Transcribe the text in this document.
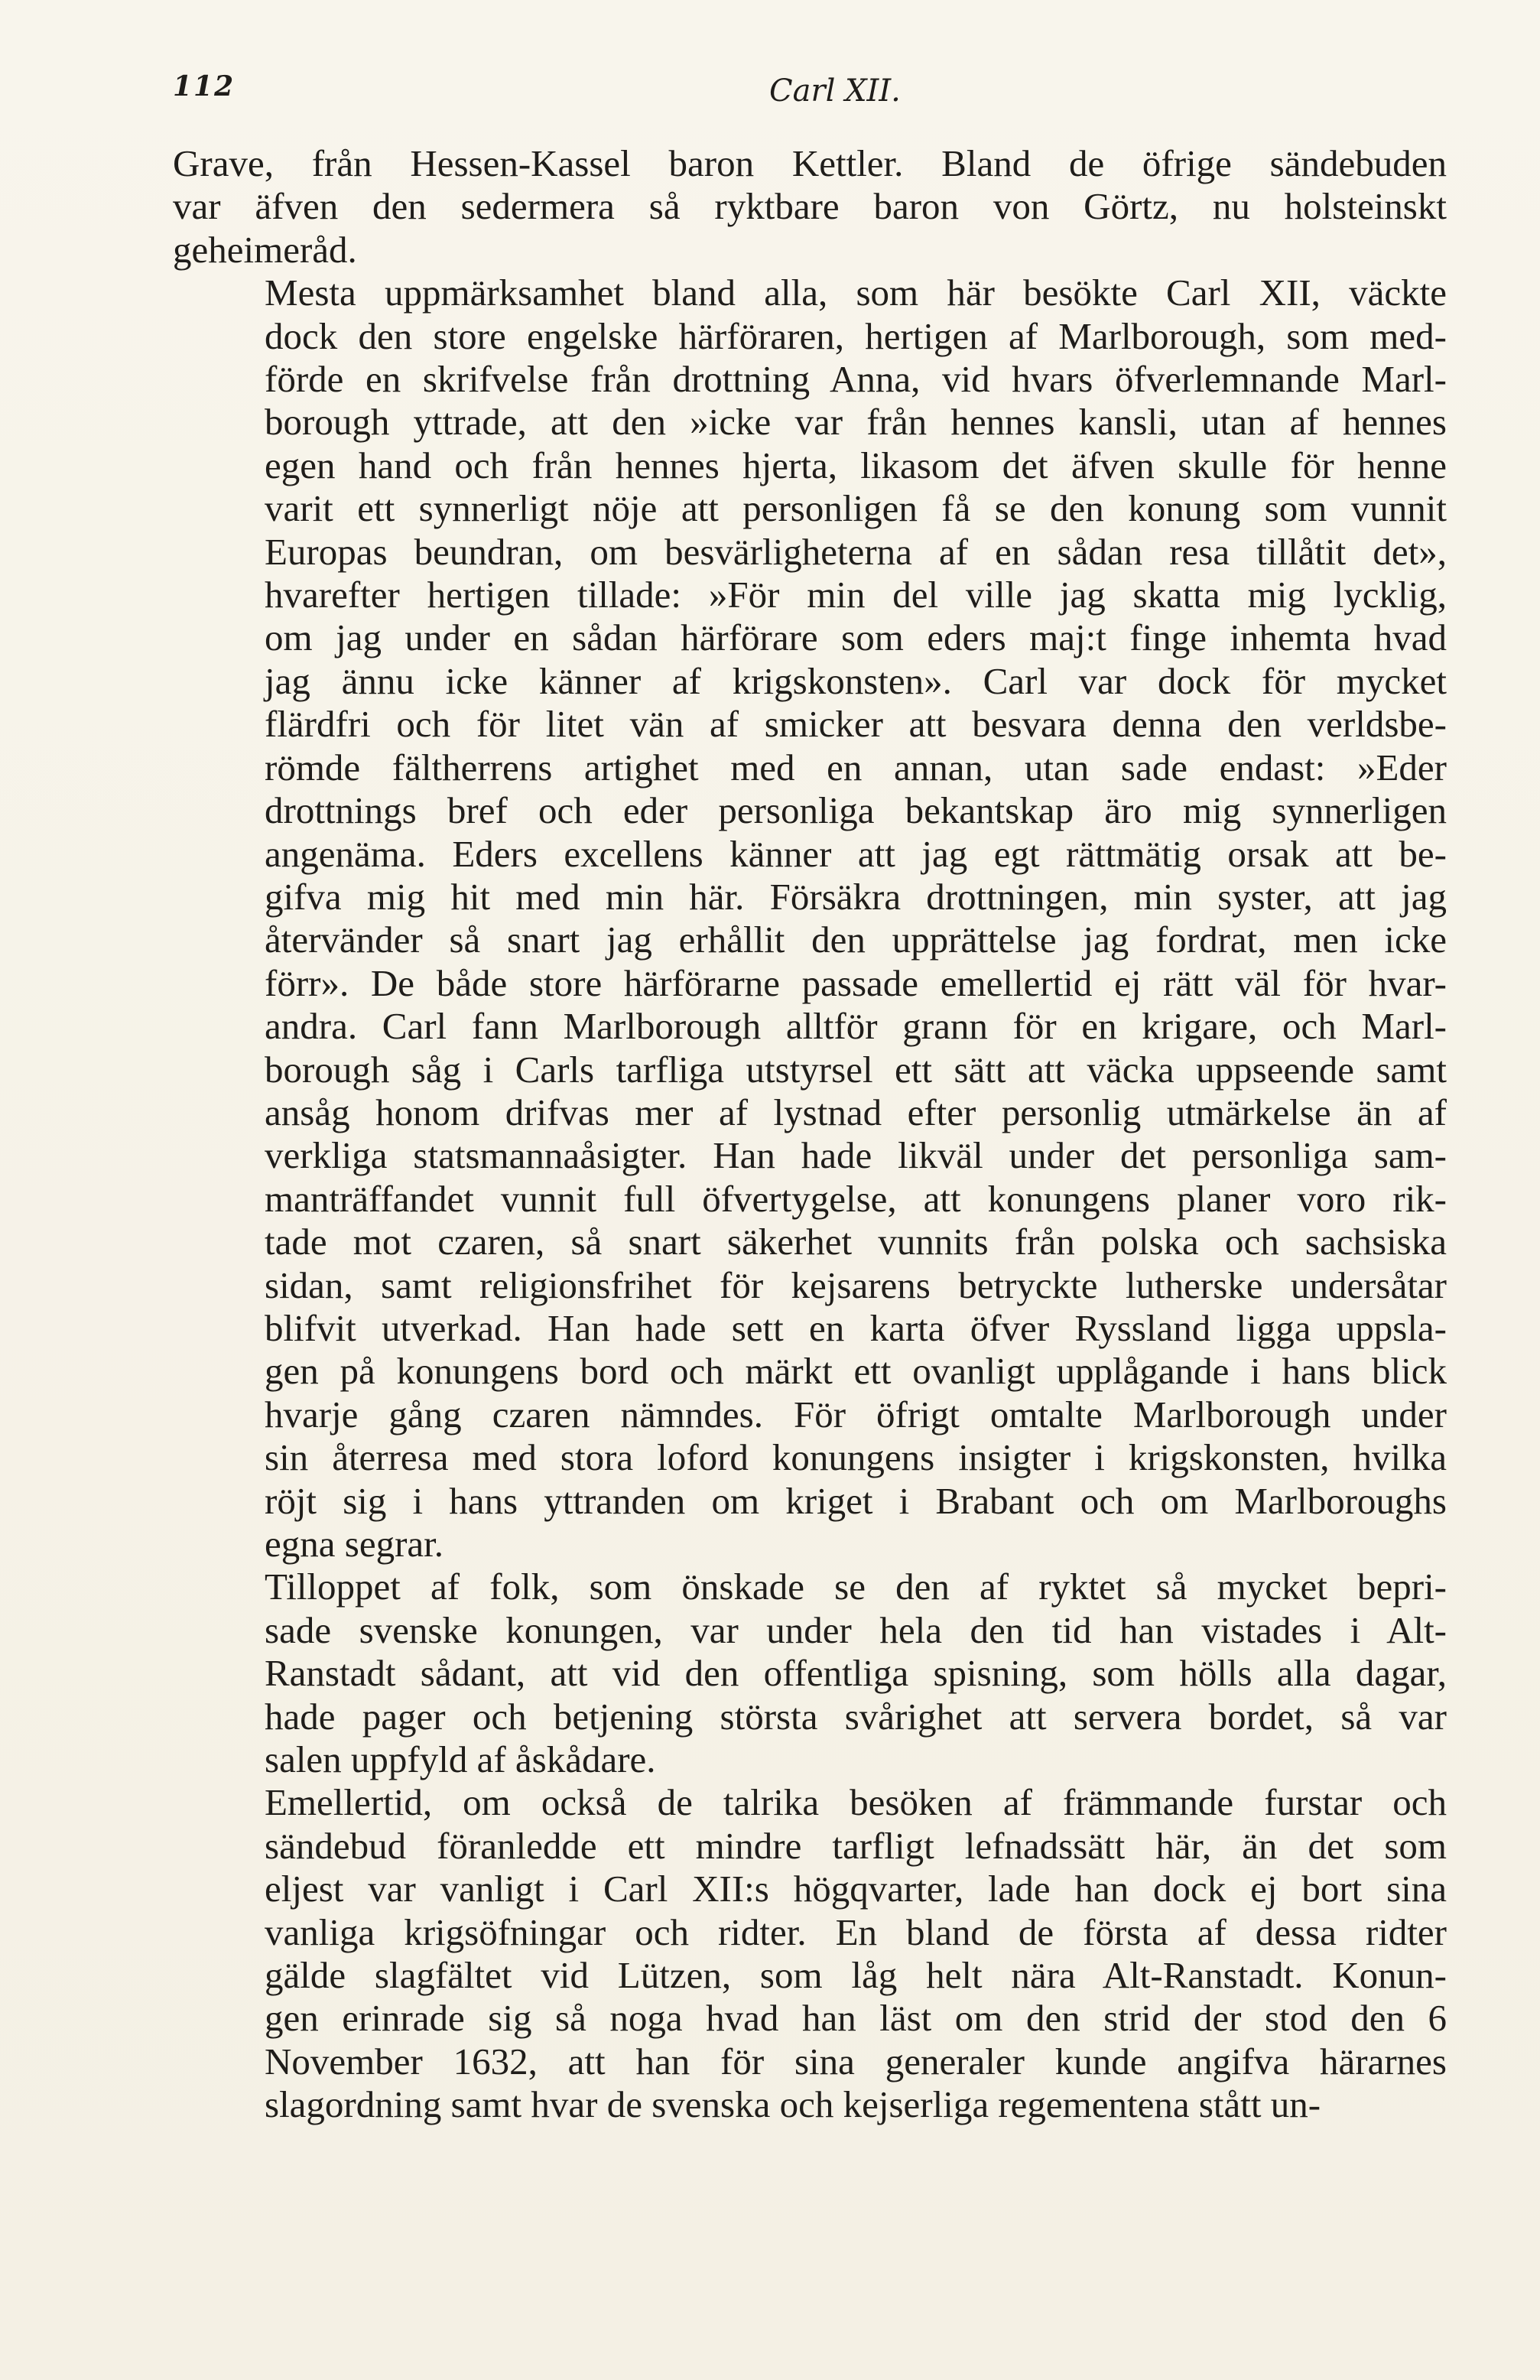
112	Carl XII.

Grave, från Hessen-Kassel baron Kettler. Bland de öfrige sändebuden
var äfven den sedermera så ryktbare baron von Görtz, nu holsteinskt
geheimeråd.

Mesta uppmärksamhet bland alla, som här besökte Carl XII, väckte
dock den store engelske härföraren, hertigen af Marlborough, som med-
förde en skrifvelse från drottning Anna, vid hvars öfverlemnande Marl-
borough yttrade, att den »icke var från hennes kansli, utan af hennes
egen hand och från hennes hjerta, likasom det äfven skulle för henne
varit ett synnerligt nöje att personligen få se den konung som vunnit
Europas beundran, om besvärligheterna af en sådan resa tillåtit det»,
hvarefter hertigen tillade: »För min del ville jag skatta mig lycklig,
om jag under en sådan härförare som eders maj:t finge inhemta hvad
jag ännu icke känner af krigskonsten». Carl var dock för mycket
flärdfri och för litet vän af smicker att besvara denna den verldsbe-
römde fältherrens artighet med en annan, utan sade endast: »Eder
drottnings bref och eder personliga bekantskap äro mig synnerligen
angenäma. Eders excellens känner att jag egt rättmätig orsak att be-
gifva mig hit med min här. Försäkra drottningen, min syster, att jag
återvänder så snart jag erhållit den upprättelse jag fordrat, men icke
förr». De både store härförarne passade emellertid ej rätt väl för hvar-
andra. Carl fann Marlborough alltför grann för en krigare, och Marl-
borough såg i Carls tarfliga utstyrsel ett sätt att väcka uppseende samt
ansåg honom drifvas mer af lystnad efter personlig utmärkelse än af
verkliga statsmannaåsigter. Han hade likväl under det personliga sam-
manträffandet vunnit full öfvertygelse, att konungens planer voro rik-
tade mot czaren, så snart säkerhet vunnits från polska och sachsiska
sidan, samt religionsfrihet för kejsarens betryckte lutherske undersåtar
blifvit utverkad. Han hade sett en karta öfver Ryssland ligga uppsla-
gen på konungens bord och märkt ett ovanligt upplågande i hans blick
hvarje gång czaren nämndes. För öfrigt omtalte Marlborough under
sin återresa med stora loford konungens insigter i krigskonsten, hvilka
röjt sig i hans yttranden om kriget i Brabant och om Marlboroughs
egna segrar.

Tilloppet af folk, som önskade se den af ryktet så mycket bepri-
sade svenske konungen, var under hela den tid han vistades i Alt-
Ranstadt sådant, att vid den offentliga spisning, som hölls alla dagar,
hade pager och betjening största svårighet att servera bordet, så var
salen uppfyld af åskådare.

Emellertid, om också de talrika besöken af främmande furstar och
sändebud föranledde ett mindre tarfligt lefnadssätt här, än det som
eljest var vanligt i Carl XII:s högqvarter, lade han dock ej bort sina
vanliga krigsöfningar och ridter. En bland de första af dessa ridter
gälde slagfältet vid Lützen, som låg helt nära Alt-Ranstadt. Konun-
gen erinrade sig så noga hvad han läst om den strid der stod den 6
November 1632, att han för sina generaler kunde angifva härarnes
slagordning samt hvar de svenska och kejserliga regementena stått un-
